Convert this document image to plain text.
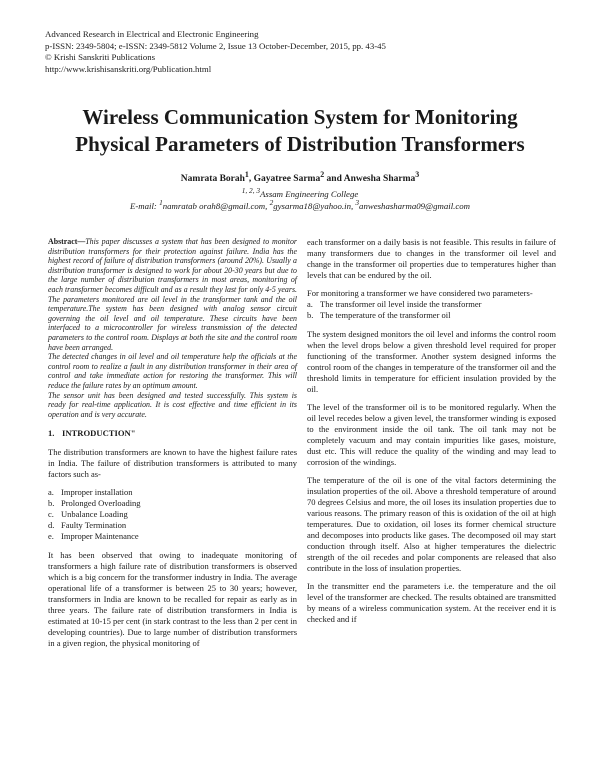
Advanced Research in Electrical and Electronic Engineering
p-ISSN: 2349-5804; e-ISSN: 2349-5812 Volume 2, Issue 13 October-December, 2015, pp. 43-45
© Krishi Sanskriti Publications
http://www.krishisanskriti.org/Publication.html
Wireless Communication System for Monitoring
Physical Parameters of Distribution Transformers
Namrata Borah$^1$, Gayatree Sarma$^2$ and Anwesha Sharma$^3$
$^{1, 2, 3}$Assam Engineering College
E-mail: $^1$namratab orah8@gmail.com, $^2$gysarma18@yahoo.in, $^3$anweshasharma09@gmail.com

Abstract—This paper discusses a system that has been designed to monitor distribution transformers for their protection against failure. India has the highest record of failure of distribution transformers (around 20%). Usually a distribution transformer is designed to work for about 20-30 years but due to the large number of distribution transformers in most areas, monitoring of each transformer becomes difficult and as a result they last for only 4-5 years. The parameters monitored are oil level in the transformer tank and the oil temperature.The system has been designed with analog sensor circuit governing the oil level and oil temperature. These circuits have been interfaced to a microcontroller for wireless transmission of the detected parameters to the control room. Displays at both the site and the control room have been arranged.

The detected changes in oil level and oil temperature help the officials at the control room to realize a fault in any distribution transformer in their area of control and take immediate action for restoring the transformer. This will reduce the failure rates by an optimum amount.

The sensor unit has been designed and tested successfully. This system is ready for real-time application. It is cost effective and time efficient in its operation and is very accurate.

1. INTRODUCTION"

The distribution transformers are known to have the highest failure rates in India. The failure of distribution transformers is attributed to many factors such as-

a. Improper installation
b. Prolonged Overloading
c. Unbalance Loading
d. Faulty Termination
e. Improper Maintenance

It has been observed that owing to inadequate monitoring of transformers a high failure rate of distribution transformers is observed which is a big concern for the transformer industry in India. The average operational life of a transformer is between 25 to 30 years; however, transformers in India are known to be recalled for repair as early as in three years. The failure rate of distribution transformers in India is estimated at 10-15 per cent (in stark contrast to the less than 2 per cent in developing countries). Due to large number of distribution transformers in a given region, the physical monitoring of

each transformer on a daily basis is not feasible. This results in failure of many transformers due to changes in the transformer oil level and change in the transformer oil properties due to temperatures higher than levels that can be endured by the oil.

For monitoring a transformer we have considered two parameters-

a. The transformer oil level inside the transformer
b. The temperature of the transformer oil

The system designed monitors the oil level and informs the control room when the level drops below a given threshold level required for proper functioning of the transformer. Another system designed informs the control room of the changes in temperature of the transformer oil and the threshold limits in temperature for efficient insulation provided by the oil.

The level of the transformer oil is to be monitored regularly. When the oil level recedes below a given level, the transformer winding is exposed to the environment inside the oil tank. The oil tank may not be completely vacuum and may contain impurities like gases, moisture, dust etc. This will reduce the quality of the winding and may lead to corrosion of the windings.

The temperature of the oil is one of the vital factors determining the insulation properties of the oil. Above a threshold temperature of around 70 degrees Celsius and more, the oil loses its insulation properties due to various reasons. The primary reason of this is oxidation of the oil at high temperatures. Due to oxidation, oil loses its former chemical structure and decomposes into products like gases. The decomposed oil may start conduction through itself. Also at higher temperatures the dielectric strength of the oil recedes and polar components are released that also contribute in the loss of insulation properties.

In the transmitter end the parameters i.e. the temperature and the oil level of the transformer are checked. The results obtained are transmitted by means of a wireless communication system. At the receiver end it is checked and if
